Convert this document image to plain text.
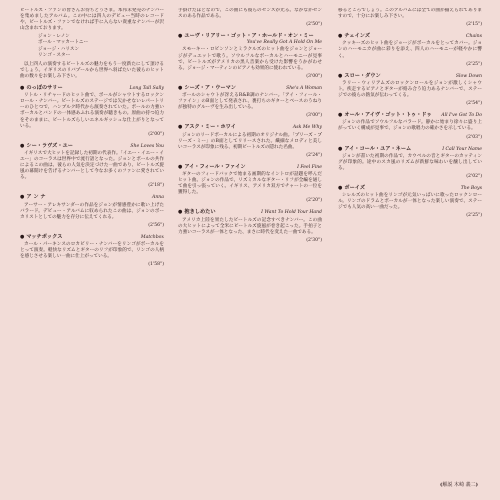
ビートルズ・ファンの皆さんお待ちどうさま。本邦未発売のナンバーを集めましたアルバム。この中には四人のデビュー当時のレコードや、ビートルズ・ファンでなければ手に入らない貴重なナンバーが沢山含まれております。

ジョン・レノン
ポール・マッカートニー
ジョージ・ハリスン
リンゴ・スター

以上四人の演奏するビートルズの魅力をもう一度新たにして頂けるでしょう。イギリスのリバプールから世界へ羽ばたいた彼らのヒット曲の数々をお楽しみ下さい。

● のっぽのサリー	Long Tall Sally

リトル・リチャードのヒット曲で、ポールがシャウトするロックンロール・ナンバー。ビートルズのステージでは欠かせないレパートリーのひとつで、ハンブルク時代から演奏されていた。ポールの力強いボーカルとバンドの一体感あふれる演奏が聴きもの。原曲の持つ迫力をそのままに、ビートルズらしいエネルギッシュな仕上がりとなっている。

(2'00")
● シー・ラヴズ・ユー	She Loves You

イギリスで大ヒットを記録した初期の代表作。「イエー・イエー・イエー」のコーラスは世界中で流行語となった。ジョンとポールの共作によるこの曲は、彼らの人気を決定づけた一曲であり、ビートルズ旋風の幕開けを告げるナンバーとして今なお多くのファンに愛されている。

(2'18")
● ア ン ナ	Anna

アーサー・アレキサンダーの作品をジョンが情感豊かに歌い上げたバラード。デビュー・アルバムに収められたこの曲は、ジョンのボーカリストとしての魅力を存分に伝えてくれる。

(2'56")
● マッチボックス	Matchbox

カール・パーキンスのロカビリー・ナンバーをリンゴがボーカルをとって演奏。軽快なリズムとギターのリフが印象的で、リンゴの人柄を感じさせる楽しい一曲に仕上がっている。

(1'58")

手掛けたほどなので、この曲にも彼らのセンスが光る。なかなかセンスのある作品である。

(2'50")
● ユーヴ・リアリー・ゴット・ア・ホールド・オン・ミー
You've Really Got A Hold On Me

スモーキー・ロビンソンとミラクルズのヒット曲をジョンとジョージがデュエットで歌う。ソウルフルなボーカルとハーモニーが見事で、ビートルズがアメリカの黒人音楽から受けた影響をうかがわせる。ジョージ・マーティンのピアノも効果的に使われている。

(3'00")
● シーズ・ア・ウーマン	She's A Woman

ポールのシャウトが冴えるR&B調のナンバー。「アイ・フィール・ファイン」のB面として発表され、裏打ちのギターとベースのうねりが独特のグルーヴを生み出している。

(3'00")
● アスク・ミー・ホワイ	Ask Me Why

ジョンのリードボーカルによる初期のオリジナル曲。「プリーズ・プリーズ・ミー」のB面としてリリースされた。繊細なメロディと美しいコーラスが印象に残る、初期ビートルズの隠れた名曲。

(2'24")
● アイ・フィール・ファイン	I Feel Fine

ギターのフィードバックで始まる画期的なイントロが話題を呼んだヒット曲。ジョンの作品で、リズミカルなギター・リフが全編を通して曲を引っ張っていく。イギリス、アメリカ双方でチャートの一位を獲得した。

(2'20")
● 抱きしめたい	I Want To Hold Your Hand

アメリカ上陸を果たしたビートルズの記念すべきナンバー。この曲の大ヒットによって全米にビートルズ旋風が巻き起こった。手拍子と力強いコーラスが一体となった、まさに時代を変えた一曲である。

(2'30")

移るところでしょう。このアルバムには全ての曲が揃えられてありますので、十分にお楽しみ下さい。

(2'15")
● チェインズ	Chains

クッキーズのヒット曲をジョージがボーカルをとってカバー。ジョンのハーモニカが曲に彩りを添え、四人のハーモニーが軽やかに響く。

(2'25")
● スロー・ダウン	Slow Down

ラリー・ウィリアムズのロックンロールをジョンが激しくシャウト。疾走するピアノとギターが絡み合う迫力あるナンバーで、ステージでの彼らの熱気が伝わってくる。

(2'54")
● オール・アイヴ・ゴット・トゥ・ドゥ All I've Got To Do

ジョンの作品でソウルフルなバラード。静かに始まり徐々に盛り上がっていく構成が見事で、ジョンの歌唱力の確かさを示している。

(2'03")
● アイ・コール・ユア・ネーム	I Call Your Name

ジョンが書いた初期の作品で、カウベルの音とギターのカッティングが印象的。途中のスカ風のリズムが新鮮な味わいを醸し出している。

(2'02")
● ボーイズ	The Boys

シレルズのヒット曲をリンゴが元気いっぱいに歌ったロックンロール。リンゴのドラムとボーカルが一体となった楽しい演奏で、ステージでも人気の高い一曲だった。

(2'25")
(解説 木崎 義二)
